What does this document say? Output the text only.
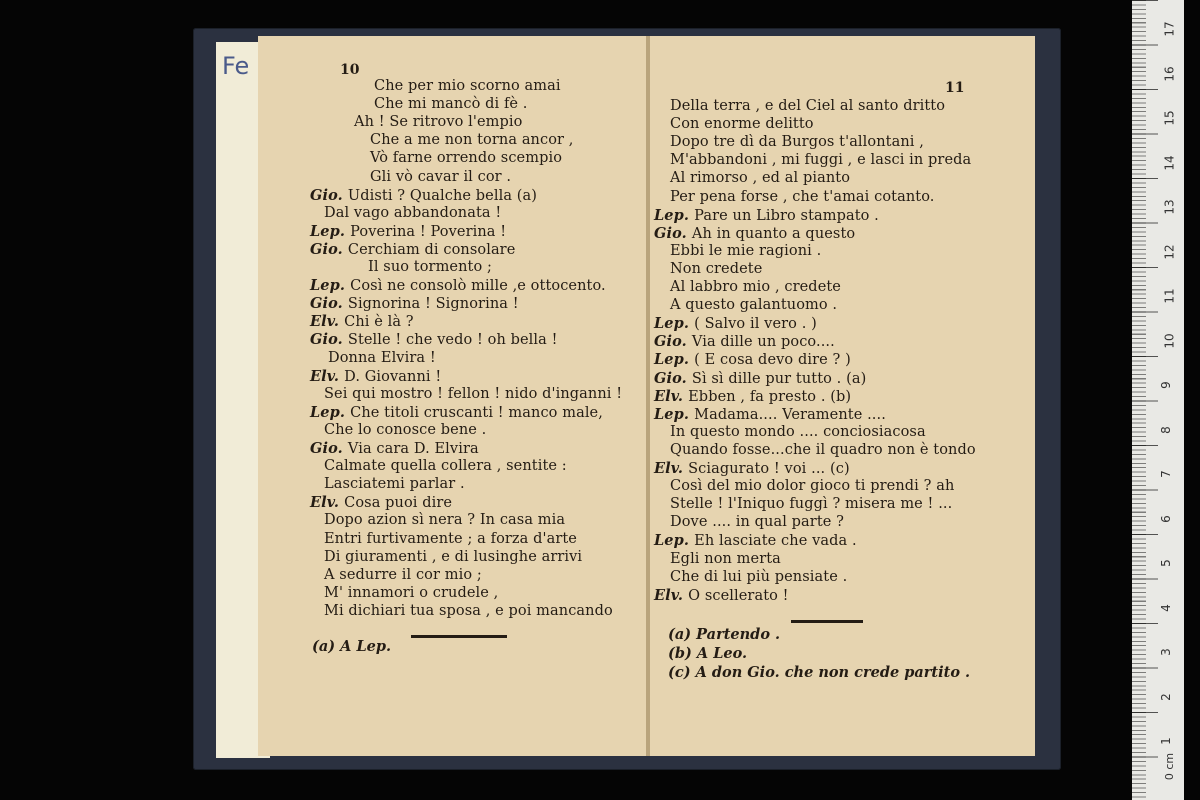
Fe	10
Che per mio scorno amai
Che mi mancò di fè .
Ah ! Se ritrovo l'empio
Che a me non torna ancor ,
Vò farne orrendo scempio
Gli vò cavar il cor .
Gio. Udisti ? Qualche bella (a)
Dal vago abbandonata !
Lep. Poverina ! Poverina !
Gio. Cerchiam di consolare
Il suo tormento ;
Lep. Così ne consolò mille ,e ottocento.
Gio. Signorina ! Signorina !
Elv. Chi è là ?
Gio. Stelle ! che vedo ! oh bella !
Donna Elvira !
Elv. D. Giovanni !
Sei qui mostro ! fellon ! nido d'inganni !
Lep. Che titoli cruscanti ! manco male,
Che lo conosce bene .
Gio. Via cara D. Elvira
Calmate quella collera , sentite :
Lasciatemi parlar .
Elv. Cosa puoi dire
Dopo azion sì nera ? In casa mia
Entri furtivamente ; a forza d'arte
Di giuramenti , e di lusinghe arrivi
A sedurre il cor mio ;
M' innamori o crudele ,
Mi dichiari tua sposa , e poi mancando
(a) A Lep.
11
Della terra , e del Ciel al santo dritto
Con enorme delitto
Dopo tre dì da Burgos t'allontani ,
M'abbandoni , mi fuggi , e lasci in preda
Al rimorso , ed al pianto
Per pena forse , che t'amai cotanto.
Lep. Pare un Libro stampato .
Gio. Ah in quanto a questo
Ebbi le mie ragioni .
Non credete
Al labbro mio , credete
A questo galantuomo .
Lep. ( Salvo il vero . )
Gio. Via dille un poco....
Lep. ( E cosa devo dire ? )
Gio. Sì sì dille pur tutto . (a)
Elv. Ebben , fa presto . (b)
Lep. Madama.... Veramente ....
In questo mondo .... conciosiacosa
Quando fosse...che il quadro non è tondo
Elv. Sciagurato ! voi ... (c)
Così del mio dolor gioco ti prendi ? ah
Stelle ! l'Iniquo fuggì ? misera me ! ...
Dove .... in qual parte ?
Lep. Eh lasciate che vada .
Egli non merta
Che di lui più pensiate .
Elv. O scellerato !
(a) Partendo .
(b) A Leo.
(c) A don Gio. che non crede partito .
17
16
15
14
13
12
11
10
9
8
7
6
5
4
3
2
1
0 cm
